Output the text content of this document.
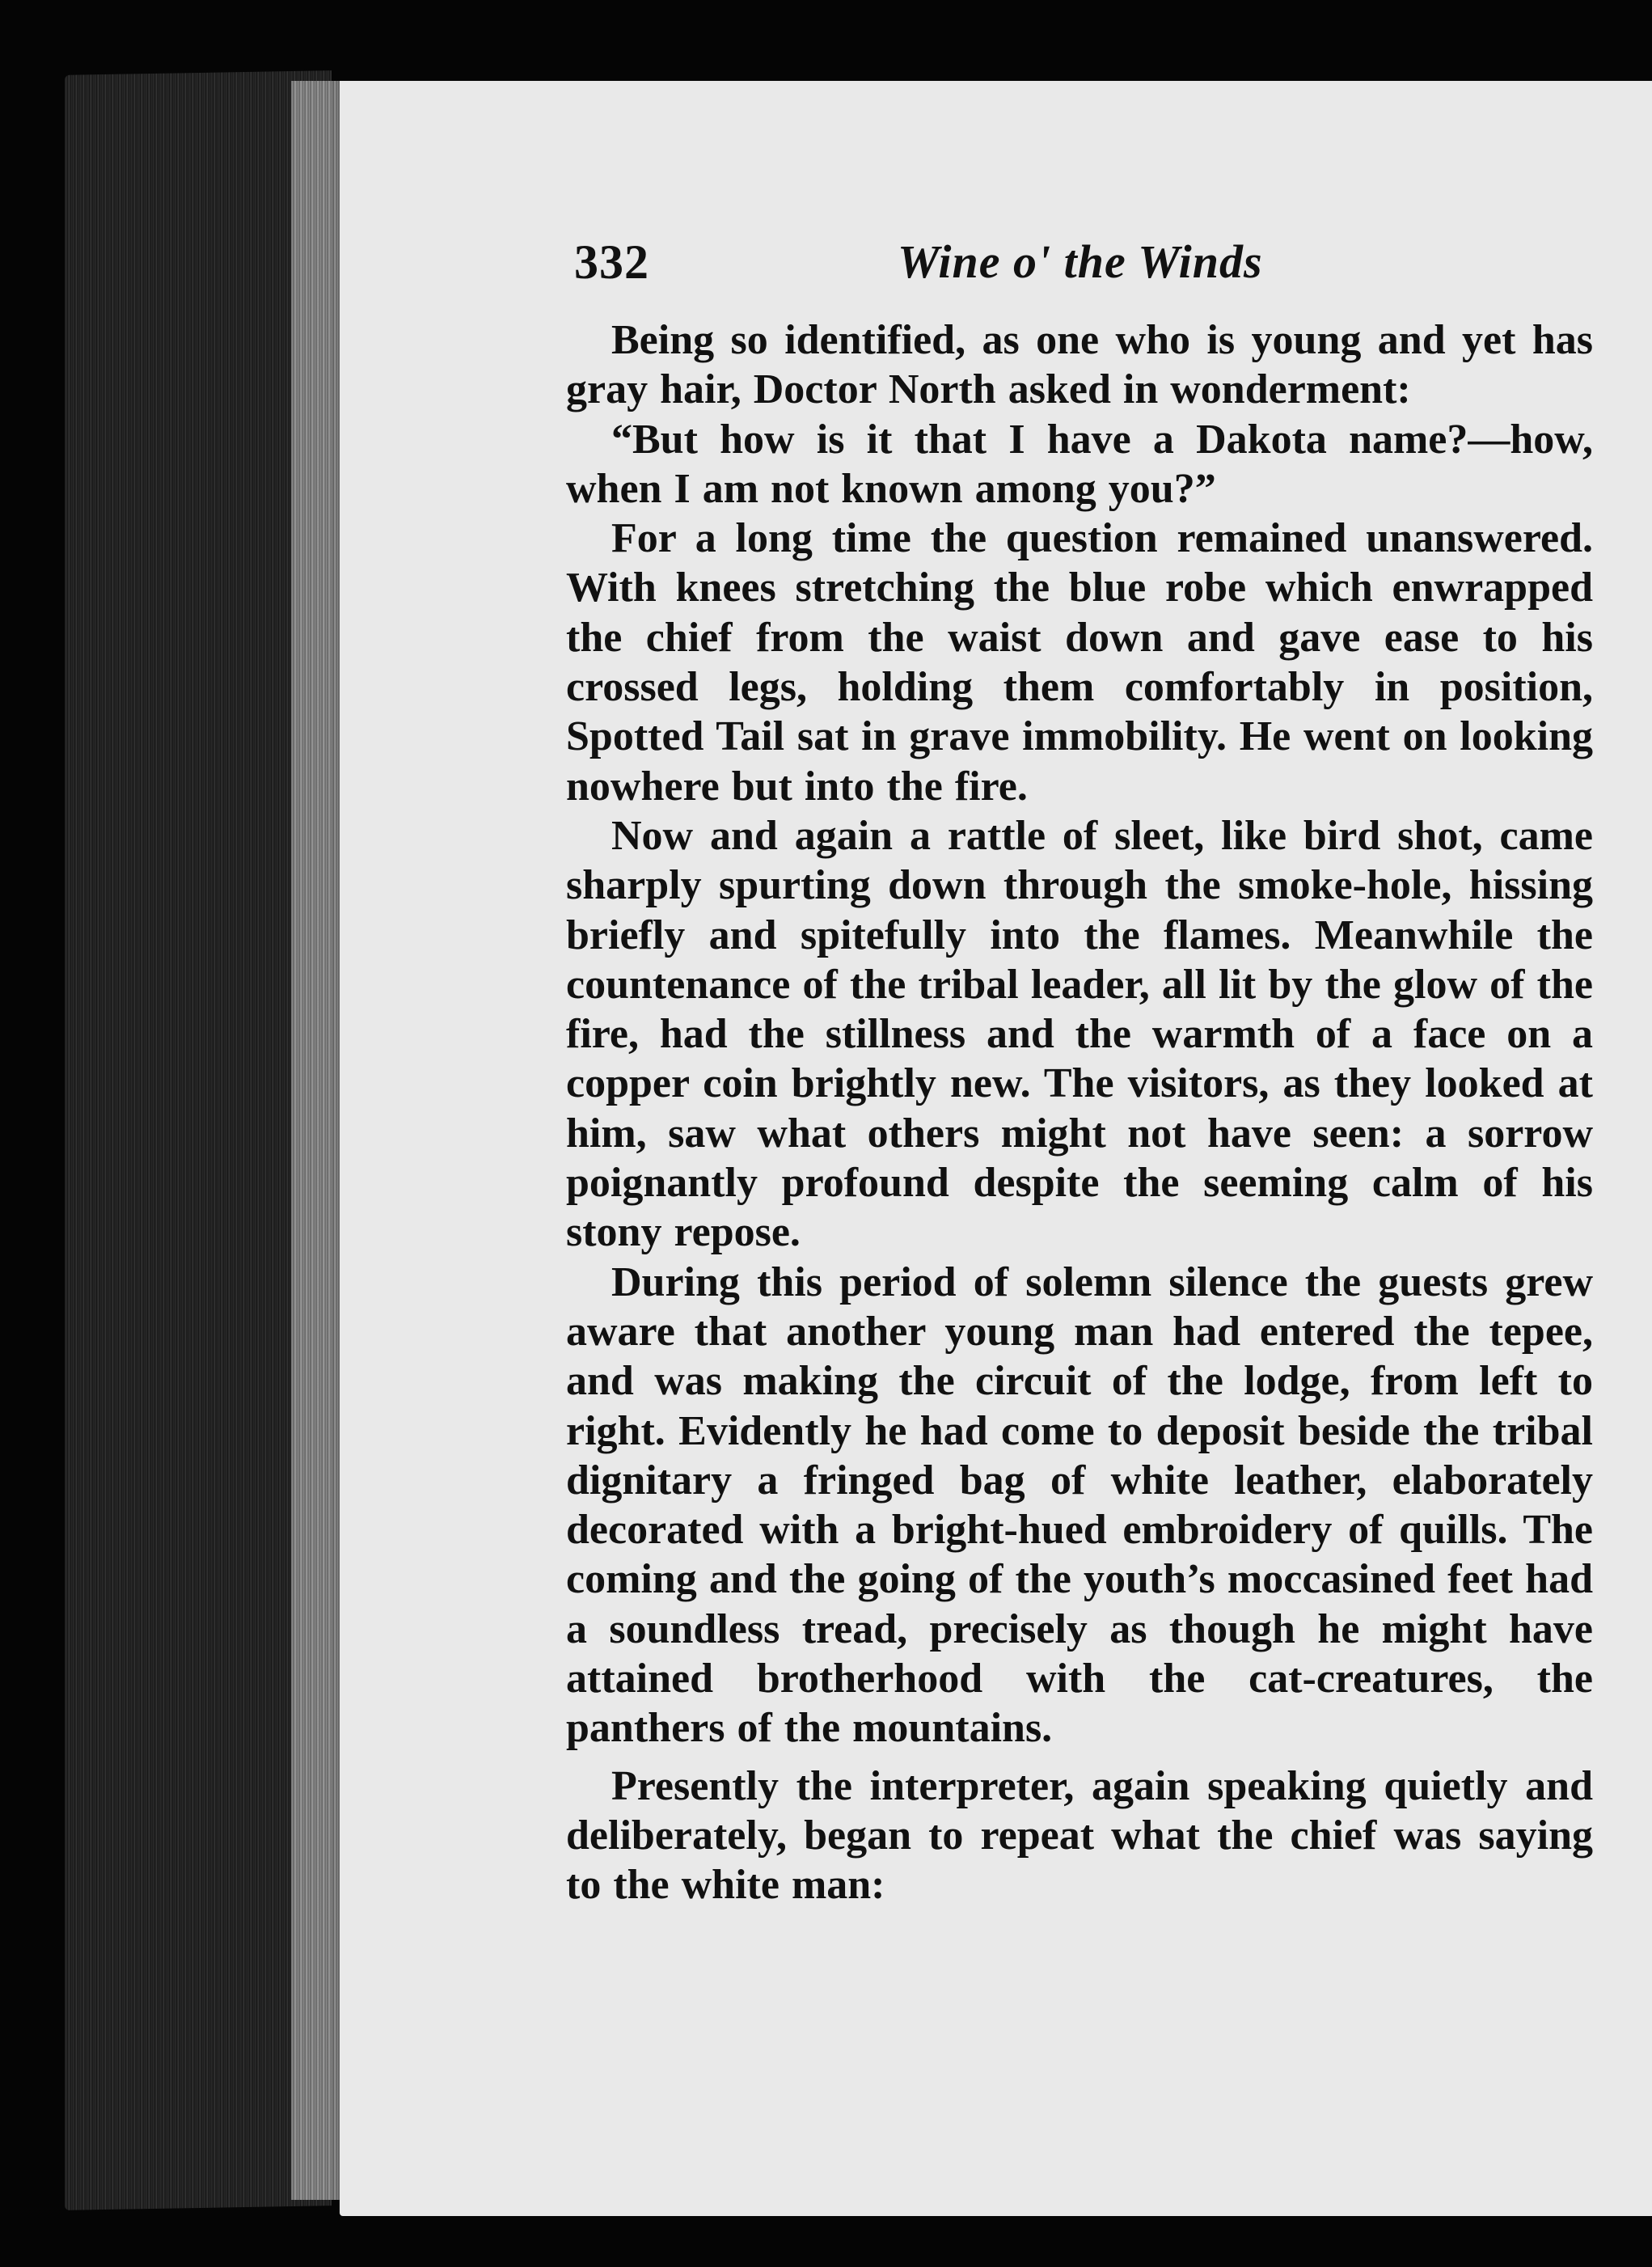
332	Wine o' the Winds

Being so identified, as one who is young and yet has gray hair, Doctor North asked in wonderment:

“But how is it that I have a Dakota name?—how, when I am not known among you?”

For a long time the question remained unanswered. With knees stretching the blue robe which enwrapped the chief from the waist down and gave ease to his crossed legs, holding them comfortably in position, Spotted Tail sat in grave immobility. He went on looking nowhere but into the fire.

Now and again a rattle of sleet, like bird shot, came sharply spurting down through the smoke-hole, hissing briefly and spitefully into the flames. Meanwhile the countenance of the tribal leader, all lit by the glow of the fire, had the stillness and the warmth of a face on a copper coin brightly new. The visitors, as they looked at him, saw what others might not have seen: a sorrow poignantly profound despite the seeming calm of his stony repose.

During this period of solemn silence the guests grew aware that another young man had entered the tepee, and was making the circuit of the lodge, from left to right. Evidently he had come to deposit beside the tribal dignitary a fringed bag of white leather, elaborately decorated with a bright-hued embroidery of quills. The coming and the going of the youth’s moccasined feet had a soundless tread, precisely as though he might have attained brotherhood with the cat-creatures, the panthers of the mountains.

Presently the interpreter, again speaking quietly and deliberately, began to repeat what the chief was saying to the white man:
